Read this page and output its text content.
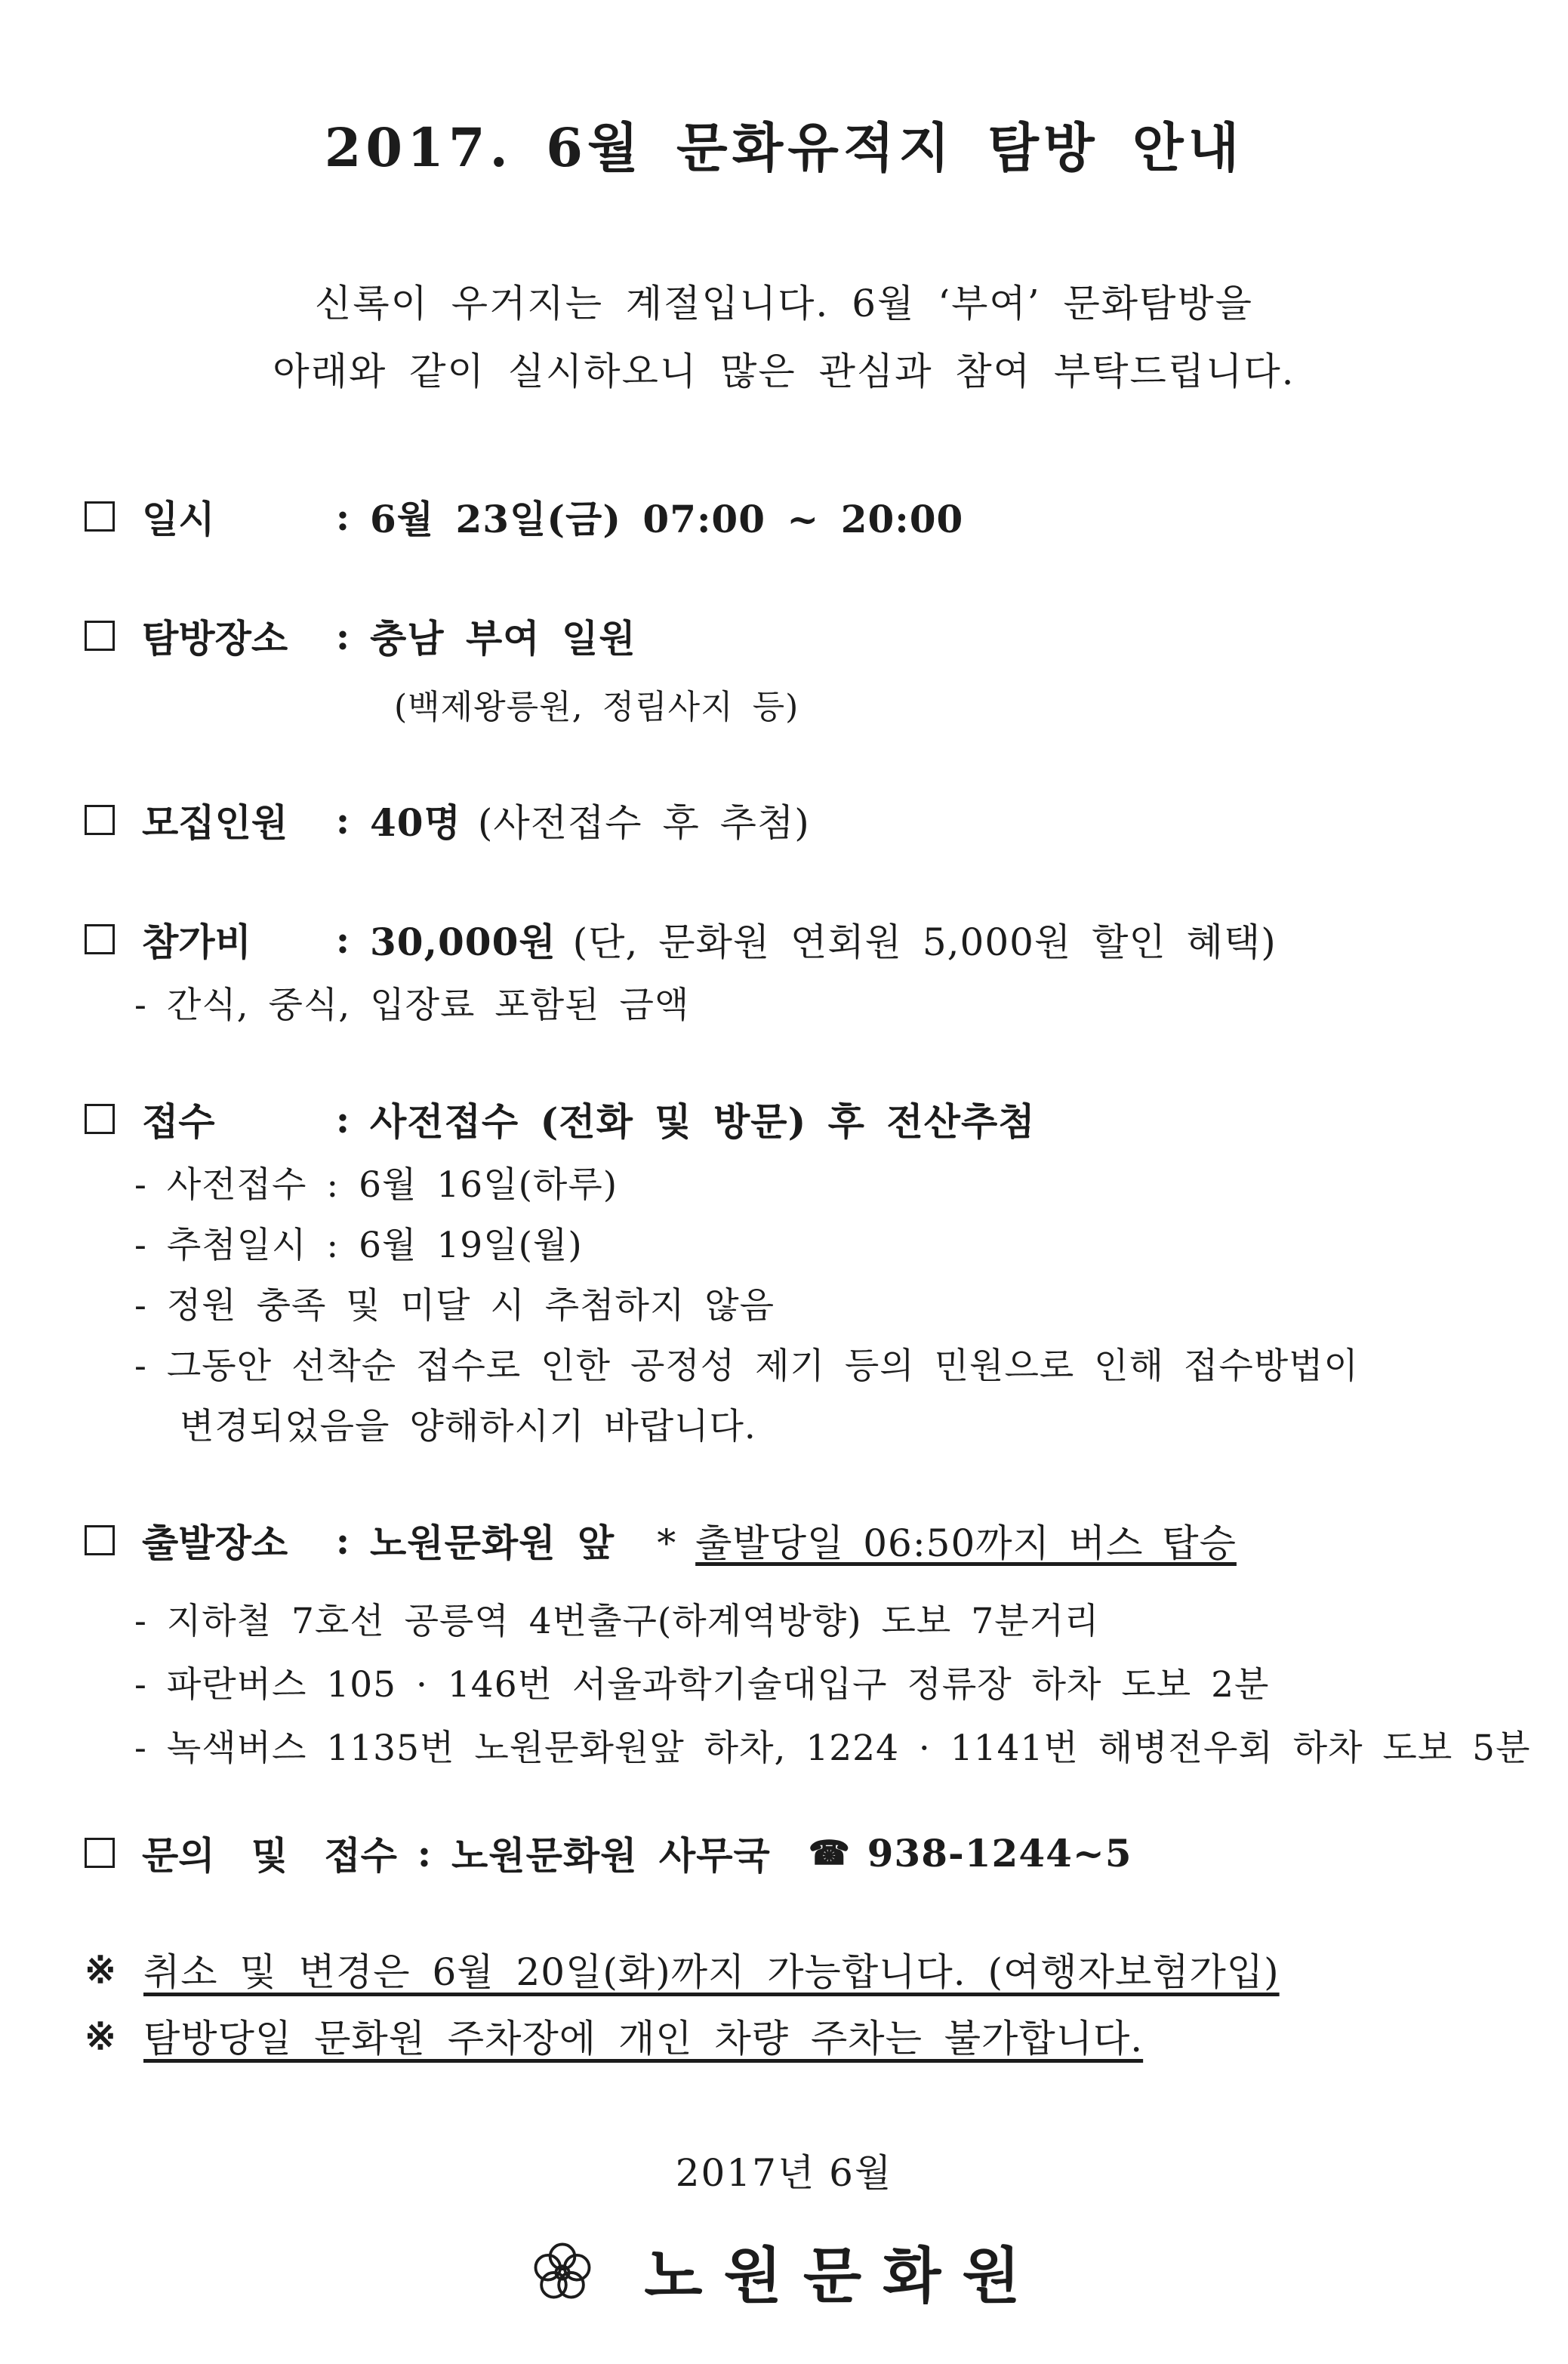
2017. 6월 문화유적지 탐방 안내
신록이 우거지는 계절입니다. 6월 ‘부여’ 문화탐방을
아래와 같이 실시하오니 많은 관심과 참여 부탁드립니다.
일시	: 6월 23일(금) 07:00 ~ 20:00
탐방장소	: 충남 부여 일원
(백제왕릉원, 정림사지 등)
모집인원	: 40명 (사전접수 후 추첨)
참가비	: 30,000원 (단, 문화원 연회원 5,000원 할인 혜택)
- 간식, 중식, 입장료 포함된 금액
접수	: 사전접수 (전화 및 방문) 후 전산추첨
- 사전접수 : 6월 16일(하루)
- 추첨일시 : 6월 19일(월)
- 정원 충족 및 미달 시 추첨하지 않음
- 그동안 선착순 접수로 인한 공정성 제기 등의 민원으로 인해 접수방법이
변경되었음을 양해하시기 바랍니다.
출발장소	: 노원문화원 앞 * 출발당일 06:50까지 버스 탑승
- 지하철 7호선 공릉역 4번출구(하계역방향) 도보 7분거리
- 파란버스 105 · 146번 서울과학기술대입구 정류장 하차 도보 2분
- 녹색버스 1135번 노원문화원앞 하차, 1224 · 1141번 해병전우회 하차 도보 5분
문의 및 접수 : 노원문화원 사무국 ☎ 938-1244~5
※ 취소 및 변경은 6월 20일(화)까지 가능합니다. (여행자보험가입)
※ 탐방당일 문화원 주차장에 개인 차량 주차는 불가합니다.
2017년 6월
노원문화원
